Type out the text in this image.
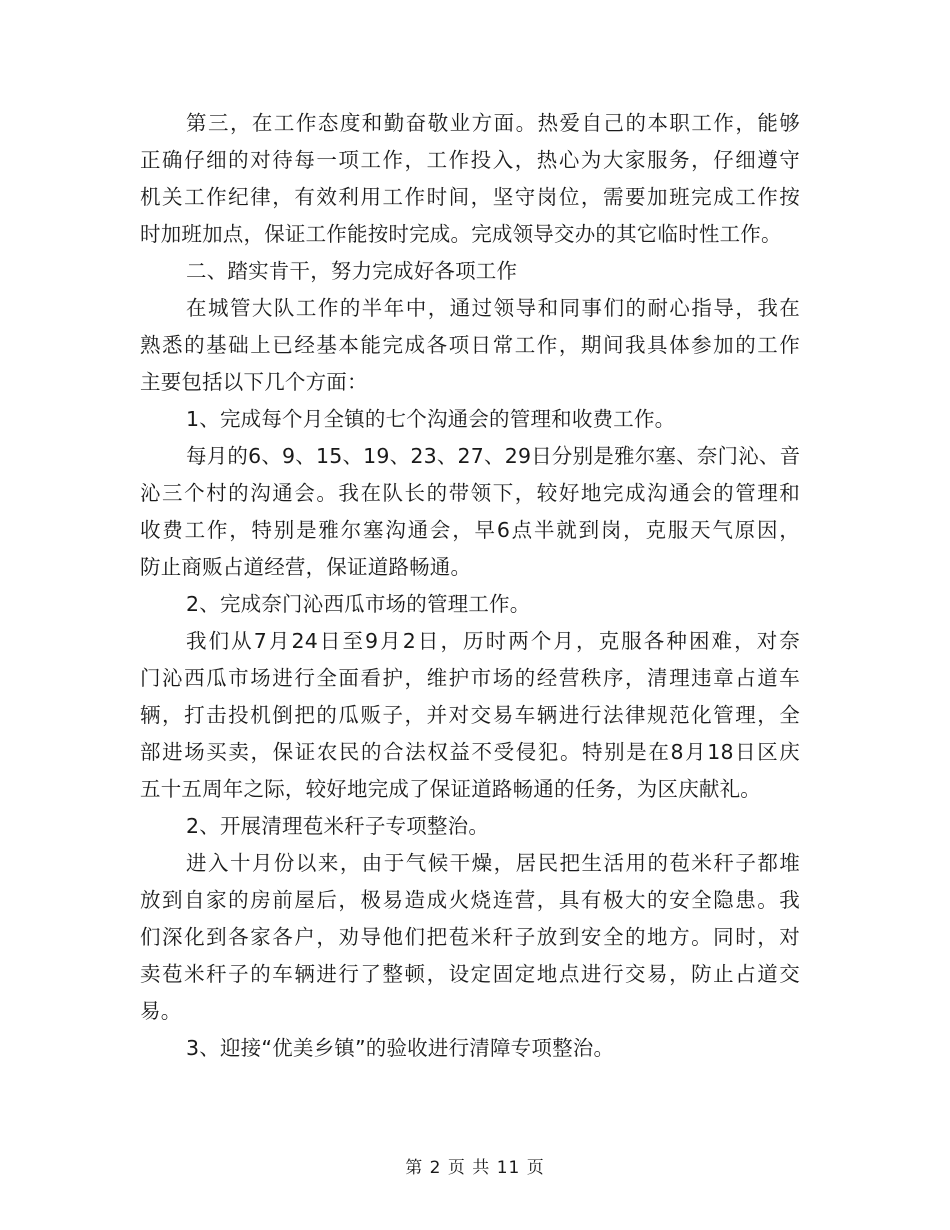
第三，在工作态度和勤奋敬业方面。热爱自己的本职工作，能够
正确仔细的对待每一项工作，工作投入，热心为大家服务，仔细遵守
机关工作纪律，有效利用工作时间，坚守岗位，需要加班完成工作按
时加班加点，保证工作能按时完成。完成领导交办的其它临时性工作。
二、踏实肯干，努力完成好各项工作
在城管大队工作的半年中，通过领导和同事们的耐心指导，我在
熟悉的基础上已经基本能完成各项日常工作，期间我具体参加的工作
主要包括以下几个方面：
1、完成每个月全镇的七个沟通会的管理和收费工作。
每月的6、9、15、19、23、27、29日分别是雅尔塞、奈门沁、音
沁三个村的沟通会。我在队长的带领下，较好地完成沟通会的管理和
收费工作，特别是雅尔塞沟通会，早6点半就到岗，克服天气原因，
防止商贩占道经营，保证道路畅通。
2、完成奈门沁西瓜市场的管理工作。
我们从7月24日至9月2日，历时两个月，克服各种困难，对奈
门沁西瓜市场进行全面看护，维护市场的经营秩序，清理违章占道车
辆，打击投机倒把的瓜贩子，并对交易车辆进行法律规范化管理，全
部进场买卖，保证农民的合法权益不受侵犯。特别是在8月18日区庆
五十五周年之际，较好地完成了保证道路畅通的任务，为区庆献礼。
2、开展清理苞米秆子专项整治。
进入十月份以来，由于气候干燥，居民把生活用的苞米秆子都堆
放到自家的房前屋后，极易造成火烧连营，具有极大的安全隐患。我
们深化到各家各户，劝导他们把苞米秆子放到安全的地方。同时，对
卖苞米秆子的车辆进行了整顿，设定固定地点进行交易，防止占道交
易。
3、迎接“优美乡镇”的验收进行清障专项整治。
第 2 页 共 11 页
